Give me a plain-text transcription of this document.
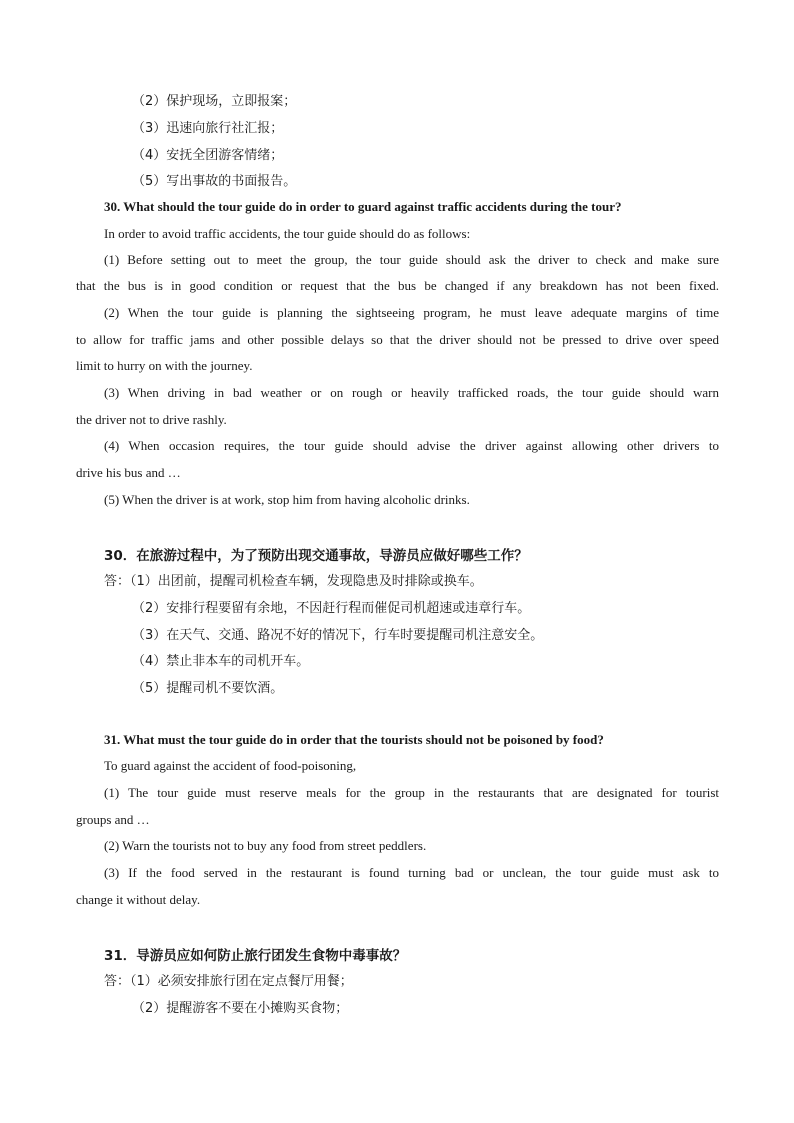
（2）保护现场，立即报案；
（3）迅速向旅行社汇报；
（4）安抚全团游客情绪；
（5）写出事故的书面报告。
30. What should the tour guide do in order to guard against traffic accidents during the tour?
In order to avoid traffic accidents, the tour guide should do as follows:
(1) Before setting out to meet the group, the tour guide should ask the driver to check and make sure
that the bus is in good condition or request that the bus be changed if any breakdown has not been fixed.
(2) When the tour guide is planning the sightseeing program, he must leave adequate margins of time
to allow for traffic jams and other possible delays so that the driver should not be pressed to drive over speed
limit to hurry on with the journey.
(3) When driving in bad weather or on rough or heavily trafficked roads, the tour guide should warn
the driver not to drive rashly.
(4) When occasion requires, the tour guide should advise the driver against allowing other drivers to
drive his bus and …
(5) When the driver is at work, stop him from having alcoholic drinks.
30．在旅游过程中，为了预防出现交通事故，导游员应做好哪些工作？
答：（1）出团前，提醒司机检查车辆，发现隐患及时排除或换车。
（2）安排行程要留有余地，不因赶行程而催促司机超速或违章行车。
（3）在天气、交通、路况不好的情况下，行车时要提醒司机注意安全。
（4）禁止非本车的司机开车。
（5）提醒司机不要饮酒。
31. What must the tour guide do in order that the tourists should not be poisoned by food?
To guard against the accident of food-poisoning,
(1) The tour guide must reserve meals for the group in the restaurants that are designated for tourist
groups and …
(2) Warn the tourists not to buy any food from street peddlers.
(3) If the food served in the restaurant is found turning bad or unclean, the tour guide must ask to
change it without delay.
31．导游员应如何防止旅行团发生食物中毒事故？
答：（1）必须安排旅行团在定点餐厅用餐；
（2）提醒游客不要在小摊购买食物；
